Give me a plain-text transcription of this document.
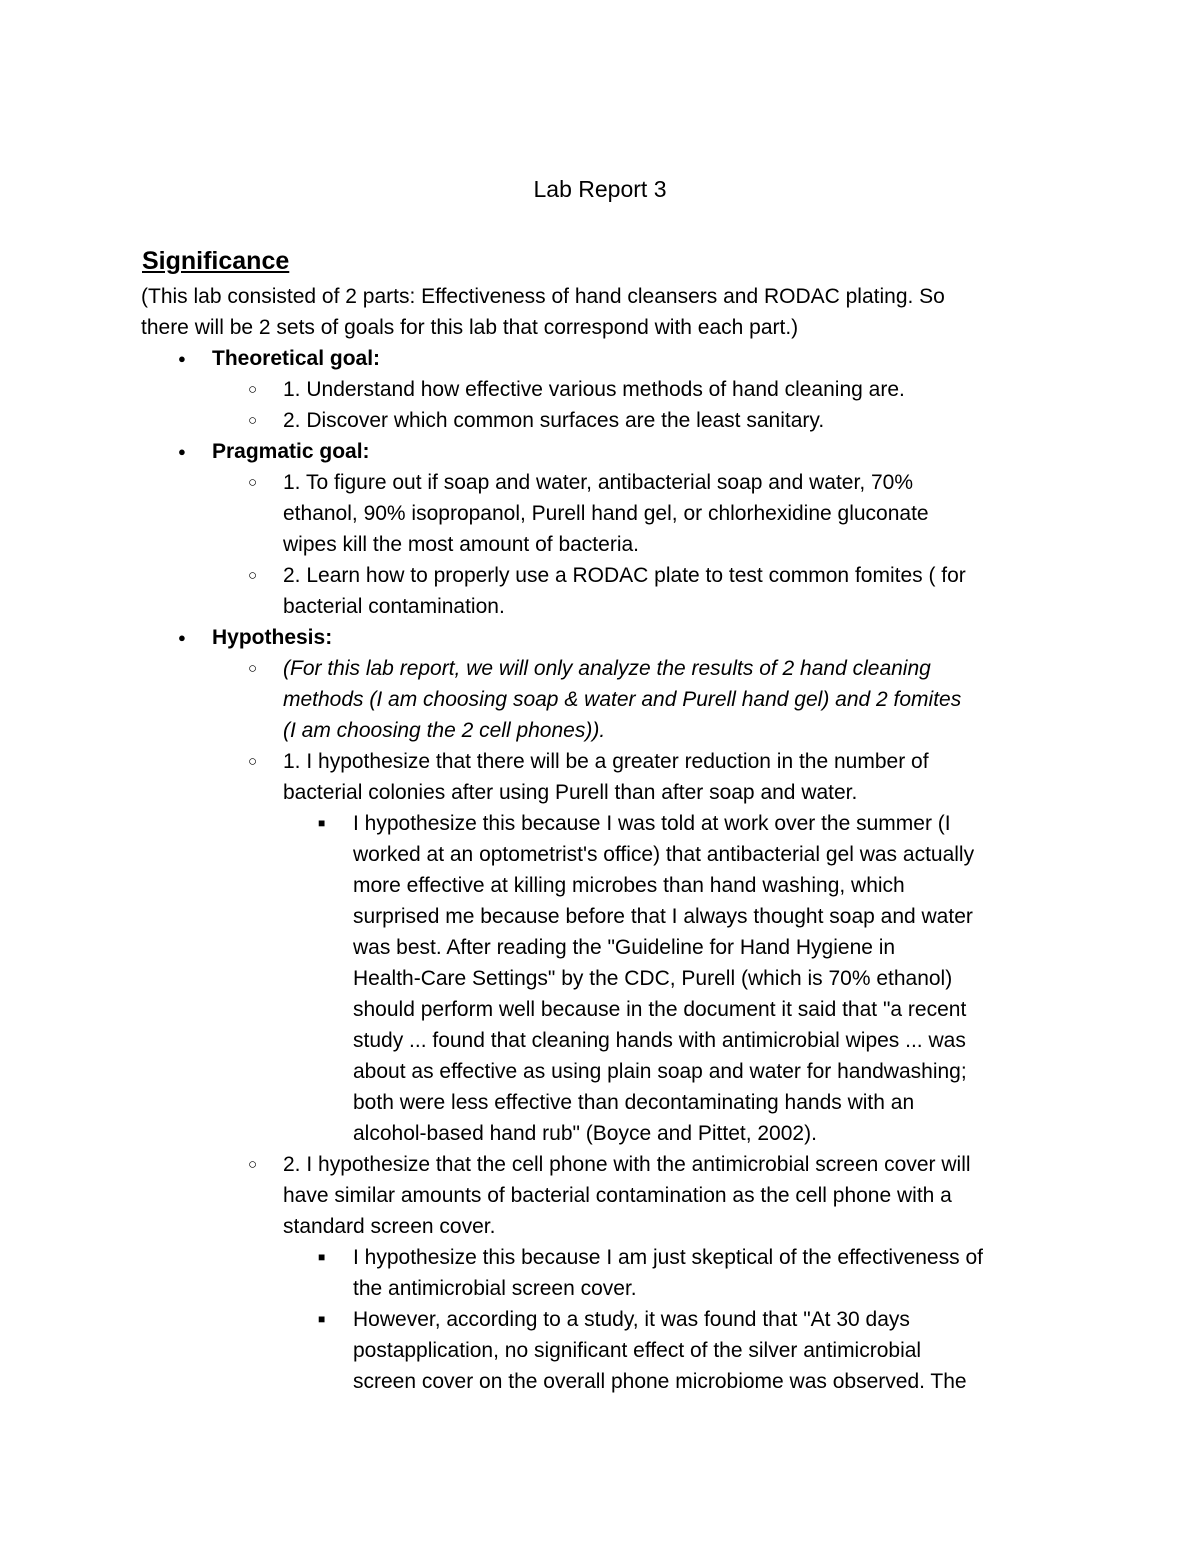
Lab Report 3
Significance
(This lab consisted of 2 parts: Effectiveness of hand cleansers and RODAC plating. So
there will be 2 sets of goals for this lab that correspond with each part.)
● Theoretical goal:
○ 1. Understand how effective various methods of hand cleaning are.
○ 2. Discover which common surfaces are the least sanitary.
● Pragmatic goal:
○ 1. To figure out if soap and water, antibacterial soap and water, 70%
ethanol, 90% isopropanol, Purell hand gel, or chlorhexidine gluconate
wipes kill the most amount of bacteria.
○ 2. Learn how to properly use a RODAC plate to test common fomites ( for
bacterial contamination.
● Hypothesis:
○ (For this lab report, we will only analyze the results of 2 hand cleaning
methods (I am choosing soap & water and Purell hand gel) and 2 fomites
(I am choosing the 2 cell phones)).
○ 1. I hypothesize that there will be a greater reduction in the number of
bacterial colonies after using Purell than after soap and water.
■ I hypothesize this because I was told at work over the summer (I
worked at an optometrist's office) that antibacterial gel was actually
more effective at killing microbes than hand washing, which
surprised me because before that I always thought soap and water
was best. After reading the "Guideline for Hand Hygiene in
Health-Care Settings" by the CDC, Purell (which is 70% ethanol)
should perform well because in the document it said that "a recent
study ... found that cleaning hands with antimicrobial wipes ... was
about as effective as using plain soap and water for handwashing;
both were less effective than decontaminating hands with an
alcohol-based hand rub" (Boyce and Pittet, 2002).
○ 2. I hypothesize that the cell phone with the antimicrobial screen cover will
have similar amounts of bacterial contamination as the cell phone with a
standard screen cover.
■ I hypothesize this because I am just skeptical of the effectiveness of
the antimicrobial screen cover.
■ However, according to a study, it was found that "At 30 days
postapplication, no significant effect of the silver antimicrobial
screen cover on the overall phone microbiome was observed. The
